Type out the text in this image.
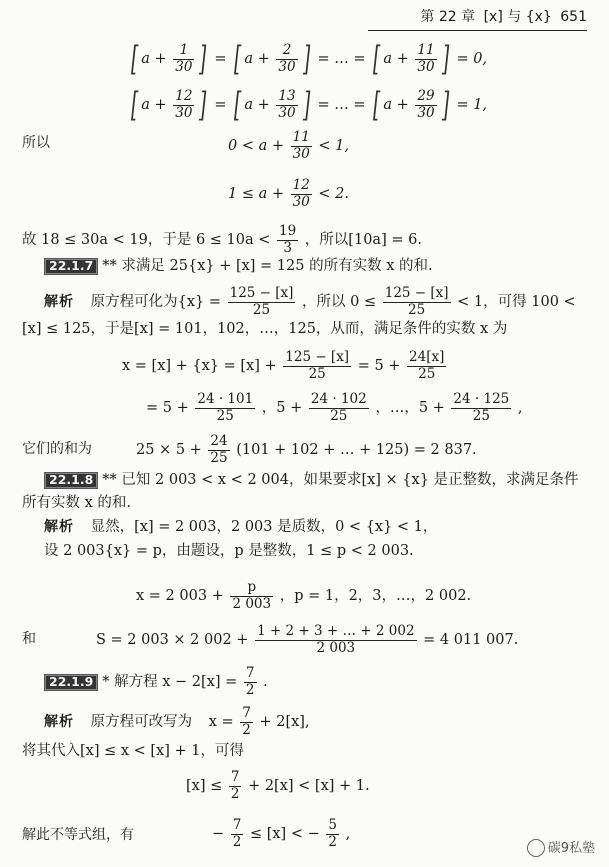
第 22 章 [x] 与 {x} 651
[ $a + \frac{1}{30}$ ] = [ $a + \frac{2}{30}$ ] = … = [ $a + \frac{11}{30}$ ] = 0,
[ $a + \frac{12}{30}$ ] = [ $a + \frac{13}{30}$ ] = … = [ $a + \frac{29}{30}$ ] = 1,
所以	$0 < a + \frac{11}{30} < 1$,
$1 \le a + \frac{12}{30} < 2$.
故 18 ≤ 30a < 19，于是 $6 \le 10a < \frac{19}{3}$ ，所以[10a] = 6.
22.1.7 ** 求满足 25{x} + [x] = 125 的所有实数 x 的和.
解析 原方程可化为$\{x\} = \frac{125 - [x]}{25}$ ，所以 $0 \le \frac{125 - [x]}{25} < 1$，可得 100 <
[x] ≤ 125，于是[x] = 101，102，…，125，从而，满足条件的实数 x 为
$x = [x] + \{x\} = [x] + \frac{125 - [x]}{25} = 5 + \frac{24[x]}{25}$
= $5 + \frac{24 \cdot 101}{25}$ ，$5 + \frac{24 \cdot 102}{25}$ ，…，$5 + \frac{24 \cdot 125}{25}$ ,
它们的和为	$25 \times 5 + \frac{24}{25} (101 + 102$ + … + 125) = 2 837.
22.1.8 ** 已知 2 003 < x < 2 004，如果要求[x] × {x} 是正整数，求满足条件
所有实数 x 的和.
解析 显然，[x] = 2 003，2 003 是质数，0 < {x} < 1，
设 2 003{x} = p，由题设，p 是整数，1 ≤ p < 2 003.
x = 2 $003 + \frac{p}{2 003}$ ，p = 1，2，3，…，2 002.
和	S = 2 003 × 2 $002 + \frac{1 + 2 + 3 + \dots + 2 002}{2 003} = 4$ 011 007.
22.1.9 * 解方程 $x - 2[x] = \frac{7}{2}$ .
解析 原方程可改写为 $x = \frac{7}{2} + 2[x]$,
将其代入[x] ≤ x < [x] + 1，可得
$[x] \le \frac{7}{2} + 2[x] < [x] + 1$.
解此不等式组，有	− $\frac{7}{2} \le [x]$ < − $\frac{5}{2}$ ,
碳9私塾
